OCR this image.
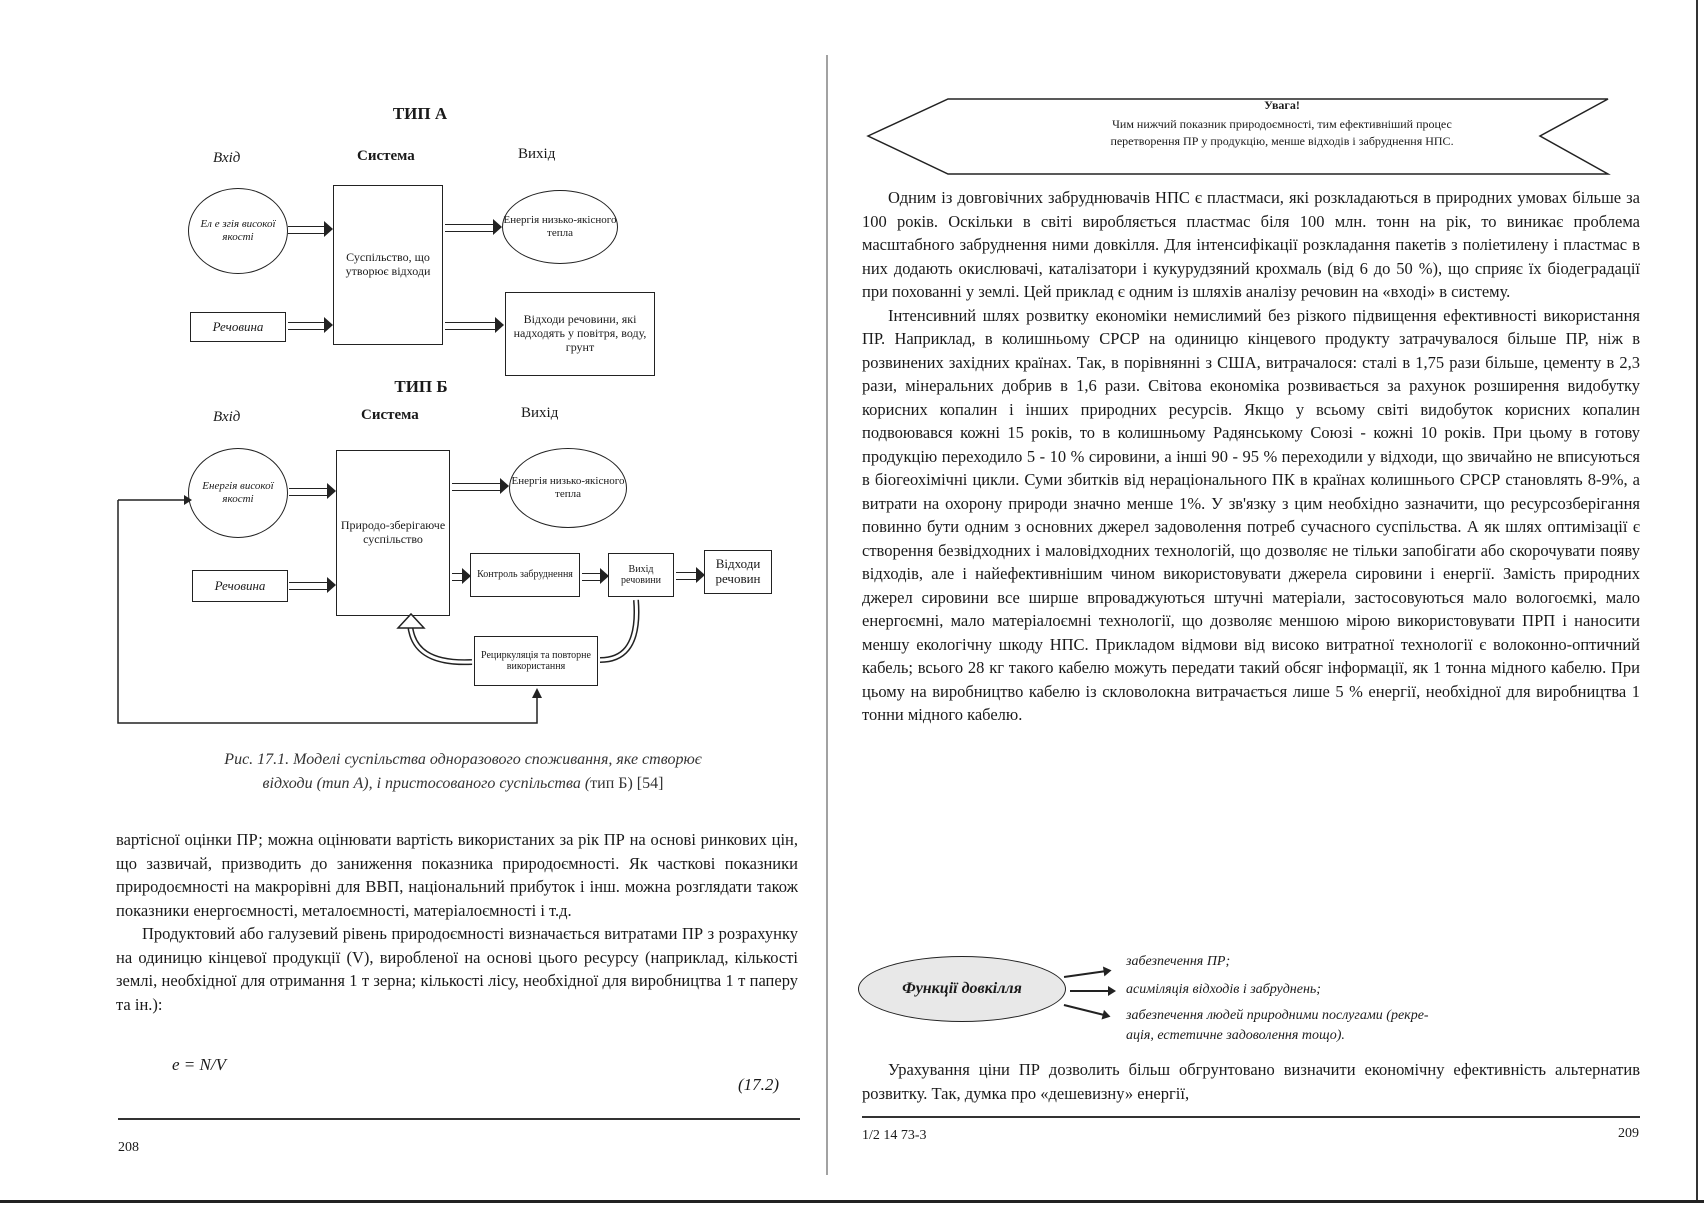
ТИП А
Вхід	Система	Вихід
Ел е згія високої якості
Суспільство, що утворює відходи
Енергія низько-якісного тепла
Речовина	Відходи речовини, які надходять у повітря, воду, грунт
ТИП Б
Вхід	Система	Вихід
Енергія високої якості
Природо-зберігаюче суспільство
Енергія низько-якісного тепла
Речовина
Контроль забруднення
Вихід речовини
Відходи речовин
Рециркуляція та повторне використання
Рис. 17.1. Моделі суспільства одноразового споживання, яке створює
відходи (тип А), і пристосованого суспільства (тип Б) [54]

вартісної оцінки ПР; можна оцінювати вартість використаних за рік ПР на основі ринкових цін, що зазвичай, призводить до заниження показника природоємності. Як часткові показники природоємності на макрорівні для ВВП, національний прибуток і інш. можна розглядати також показники енергоємності, металоємності, матеріалоємності і т.д.

Продуктовий або галузевий рівень природоємності визначається витратами ПР з розрахунку на одиницю кінцевої продукції (V), виробленої на основі цього ресурсу (наприклад, кількості землі, необхідної для отримання 1 т зерна; кількості лісу, необхідної для виробництва 1 т паперу та ін.):

e = N/V
(17.2)
208
Увага!
Чим нижчий показник природоємності, тим ефективніший процес
перетворення ПР у продукцію, менше відходів і забруднення НПС.

Одним із довговічних забруднювачів НПС є пластмаси, які розкладаються в природних умовах більше за 100 років. Оскільки в світі виробляється пластмас біля 100 млн. тонн на рік, то виникає проблема масштабного забруднення ними довкілля. Для інтенсифікації розкладання пакетів з поліетилену і пластмас в них додають окислювачі, каталізатори і кукурудзяний крохмаль (від 6 до 50 %), що сприяє їх біодеградації при похованні у землі. Цей приклад є одним із шляхів аналізу речовин на «вході» в систему.

Інтенсивний шлях розвитку економіки немислимий без різкого підвищення ефективності використання ПР. Наприклад, в колишньому СРСР на одиницю кінцевого продукту затрачувалося більше ПР, ніж в розвинених західних країнах. Так, в порівнянні з США, витрачалося: сталі в 1,75 рази більше, цементу в 2,3 рази, мінеральних добрив в 1,6 рази. Світова економіка розвивається за рахунок розширення видобутку корисних копалин і інших природних ресурсів. Якщо у всьому світі видобуток корисних копалин подвоювався кожні 15 років, то в колишньому Радянському Союзі - кожні 10 років. При цьому в готову продукцію переходило 5 - 10 % сировини, а інші 90 - 95 % переходили у відходи, що звичайно не вписуються в біогеохімічні цикли. Суми збитків від нераціонального ПК в країнах колишнього СРСР становлять 8-9%, а витрати на охорону природи значно менше 1%. У зв'язку з цим необхідно зазначити, що ресурсозберігання повинно бути одним з основних джерел задоволення потреб сучасного суспільства. А як шлях оптимізації є створення безвідходних і маловідходних технологій, що дозволяє не тільки запобігати або скорочувати появу відходів, але і найефективнішим чином використовувати джерела сировини і енергії. Замість природних джерел сировини все ширше впроваджуються штучні матеріали, застосовуються мало вологоємкі, мало енергоємні, мало матеріалоємні технології, що дозволяє меншою мірою використовувати ПРП і наносити меншу екологічну шкоду НПС. Прикладом відмови від високо витратної технології є волоконно-оптичний кабель; всього 28 кг такого кабелю можуть передати такий обсяг інформації, як 1 тонна мідного кабелю. При цьому на виробництво кабелю із скловолокна витрачається лише 5 % енергії, необхідної для виробництва 1 тонни мідного кабелю.

Функції довкілля
забезпечення ПР;
асиміляція відходів і забруднень;
забезпечення людей природними послугами (рекре-
ація, естетичне задоволення тощо).

Урахування ціни ПР дозволить більш обгрунтовано визначити економічну ефективність альтернатив розвитку. Так, думка про «дешевизну» енергії,

1/2 14 73-3	209
